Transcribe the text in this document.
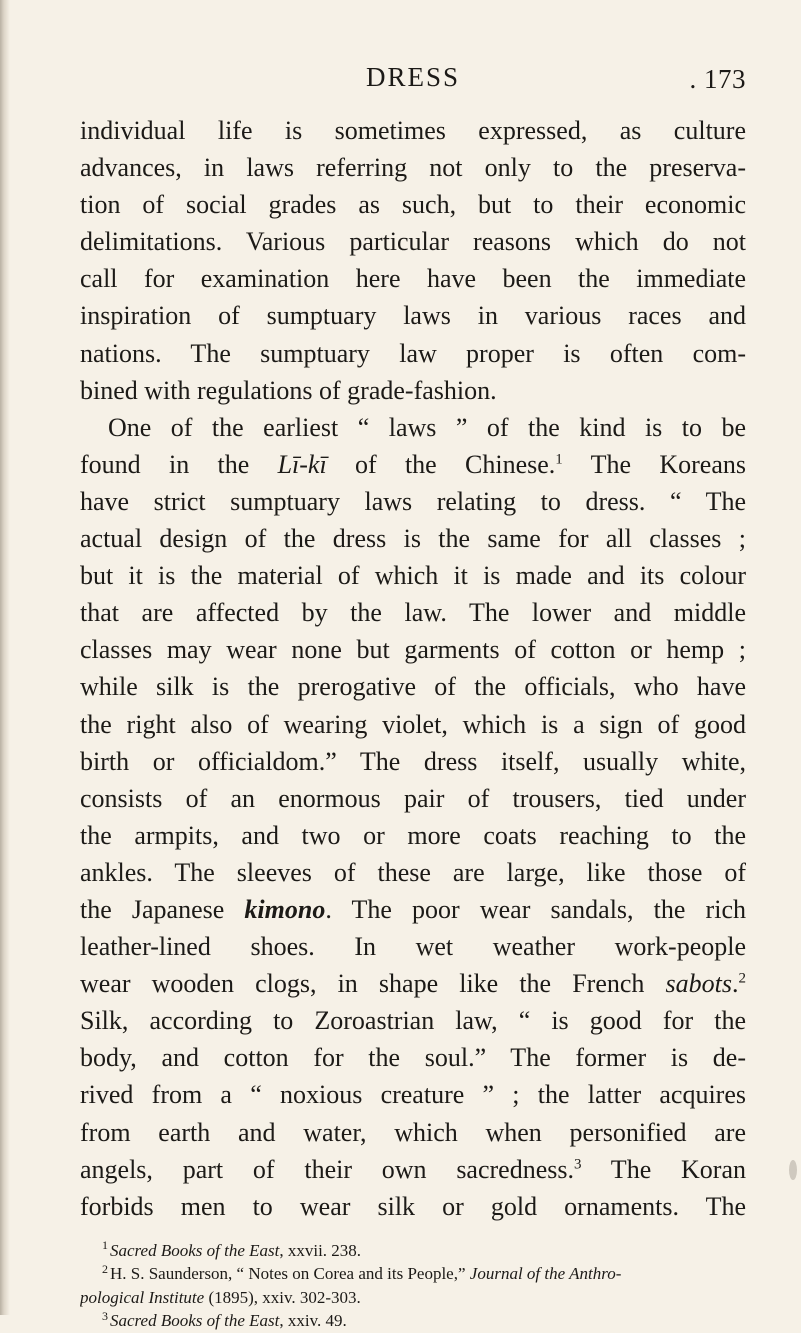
DRESS	. 173
individual life is sometimes expressed, as culture
advances, in laws referring not only to the preserva-
tion of social grades as such, but to their economic
delimitations. Various particular reasons which do not
call for examination here have been the immediate
inspiration of sumptuary laws in various races and
nations. The sumptuary law proper is often com-
bined with regulations of grade-fashion.
One of the earliest “ laws ” of the kind is to be
found in the Lī-kī of the Chinese.$^1$ The Koreans
have strict sumptuary laws relating to dress. “ The
actual design of the dress is the same for all classes ;
but it is the material of which it is made and its colour
that are affected by the law. The lower and middle
classes may wear none but garments of cotton or hemp ;
while silk is the prerogative of the officials, who have
the right also of wearing violet, which is a sign of good
birth or officialdom.” The dress itself, usually white,
consists of an enormous pair of trousers, tied under
the armpits, and two or more coats reaching to the
ankles. The sleeves of these are large, like those of
the Japanese kimono. The poor wear sandals, the rich
leather-lined shoes. In wet weather work-people
wear wooden clogs, in shape like the French sabots.$^2$
Silk, according to Zoroastrian law, “ is good for the
body, and cotton for the soul.” The former is de-
rived from a “ noxious creature ” ; the latter acquires
from earth and water, which when personified are
angels, part of their own sacredness.$^3$ The Koran
forbids men to wear silk or gold ornaments. The
$^1$ Sacred Books of the East, xxvii. 238.
$^2$ H. S. Saunderson, “ Notes on Corea and its People,” Journal of the Anthro-
pological Institute (1895), xxiv. 302-303.
$^3$ Sacred Books of the East, xxiv. 49.
